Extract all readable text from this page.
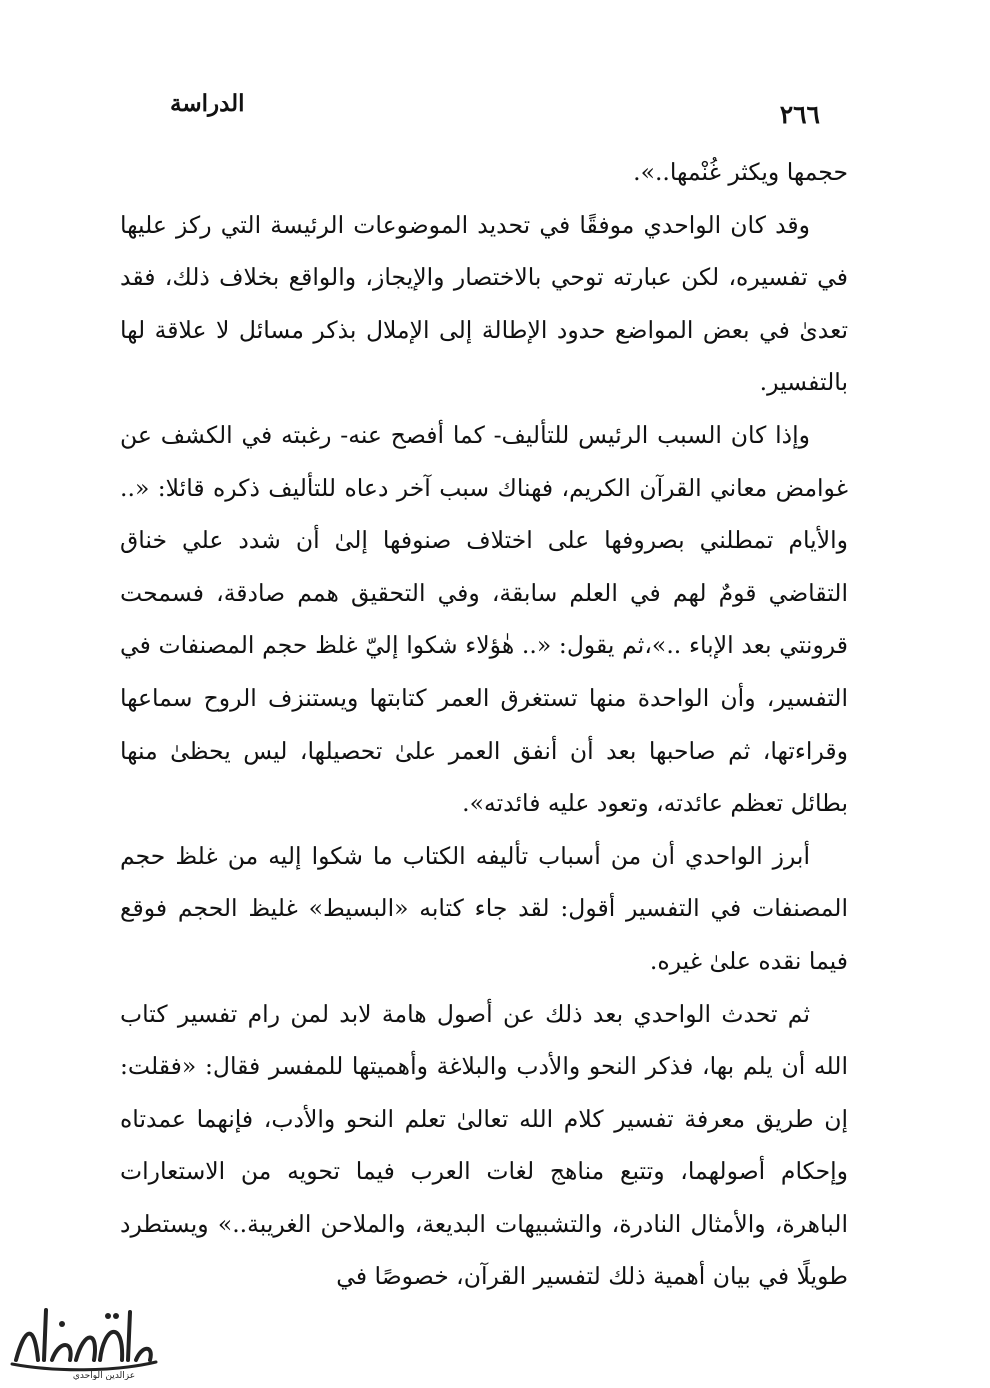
٢٦٦
الدراسة

حجمها ويكثر غُنْمها..».

وقد كان الواحدي موفقًا في تحديد الموضوعات الرئيسة التي ركز عليها في تفسيره، لكن عبارته توحي بالاختصار والإيجاز، والواقع بخلاف ذلك، فقد تعدىٰ في بعض المواضع حدود الإطالة إلى الإملال بذكر مسائل لا علاقة لها بالتفسير.

وإذا كان السبب الرئيس للتأليف- كما أفصح عنه- رغبته في الكشف عن غوامض معاني القرآن الكريم، فهناك سبب آخر دعاه للتأليف ذكره قائلا: «.. والأيام تمطلني بصروفها على اختلاف صنوفها إلىٰ أن شدد علي خناق التقاضي قومٌ لهم في العلم سابقة، وفي التحقيق همم صادقة، فسمحت قرونتي بعد الإباء ..»،ثم يقول: «.. هٰؤلاء شكوا إليّ غلظ حجم المصنفات في التفسير، وأن الواحدة منها تستغرق العمر كتابتها ويستنزف الروح سماعها وقراءتها، ثم صاحبها بعد أن أنفق العمر علىٰ تحصيلها، ليس يحظىٰ منها بطائل تعظم عائدته، وتعود عليه فائدته».

أبرز الواحدي أن من أسباب تأليفه الكتاب ما شكوا إليه من غلظ حجم المصنفات في التفسير أقول: لقد جاء كتابه «البسيط» غليظ الحجم فوقع فيما نقده علىٰ غيره.

ثم تحدث الواحدي بعد ذلك عن أصول هامة لابد لمن رام تفسير كتاب الله أن يلم بها، فذكر النحو والأدب والبلاغة وأهميتها للمفسر فقال: «فقلت: إن طريق معرفة تفسير كلام الله تعالىٰ تعلم النحو والأدب، فإنهما عمدتاه وإحكام أصولهما، وتتبع مناهج لغات العرب فيما تحويه من الاستعارات الباهرة، والأمثال النادرة، والتشبيهات البديعة، والملاحن الغريبة..» ويستطرد طويلًا في بيان أهمية ذلك لتفسير القرآن، خصوصًا في

عزالدين الواحدي
